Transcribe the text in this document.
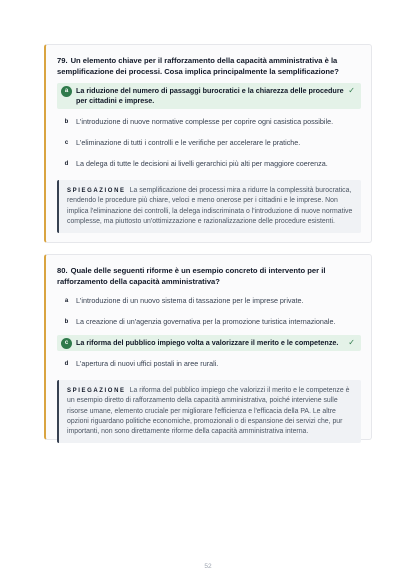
79. Un elemento chiave per il rafforzamento della capacità amministrativa è la semplificazione dei processi. Cosa implica principalmente la semplificazione?
a	La riduzione del numero di passaggi burocratici e la chiarezza delle procedure per cittadini e imprese.
✓
b	L'introduzione di nuove normative complesse per coprire ogni casistica possibile.
c	L'eliminazione di tutti i controlli e le verifiche per accelerare le pratiche.
d	La delega di tutte le decisioni ai livelli gerarchici più alti per maggiore coerenza.
SPIEGAZIONE La semplificazione dei processi mira a ridurre la complessità burocratica, rendendo le procedure più chiare, veloci e meno onerose per i cittadini e le imprese. Non implica l'eliminazione dei controlli, la delega indiscriminata o l'introduzione di nuove normative complesse, ma piuttosto un'ottimizzazione e razionalizzazione delle procedure esistenti.
80. Quale delle seguenti riforme è un esempio concreto di intervento per il rafforzamento della capacità amministrativa?
a	L'introduzione di un nuovo sistema di tassazione per le imprese private.
b	La creazione di un'agenzia governativa per la promozione turistica internazionale.
c	La riforma del pubblico impiego volta a valorizzare il merito e le competenze.	✓
d	L'apertura di nuovi uffici postali in aree rurali.
SPIEGAZIONE La riforma del pubblico impiego che valorizzi il merito e le competenze è un esempio diretto di rafforzamento della capacità amministrativa, poiché interviene sulle risorse umane, elemento cruciale per migliorare l'efficienza e l'efficacia della PA. Le altre opzioni riguardano politiche economiche, promozionali o di espansione dei servizi che, pur importanti, non sono direttamente riforme della capacità amministrativa interna.
52
